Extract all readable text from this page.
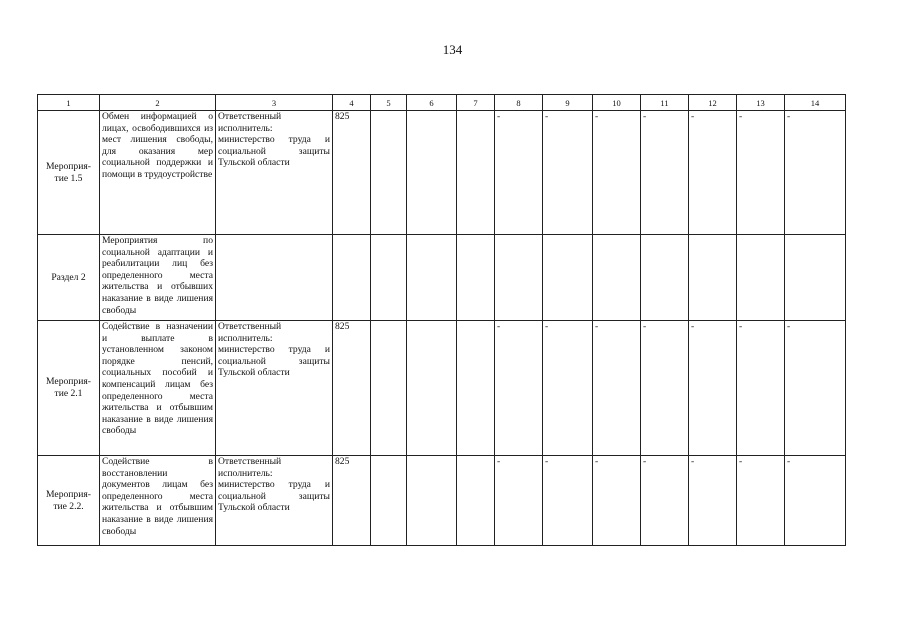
134
1	2	3	4	5	6	7	8	9	10	11	12	13	14
Мероприя-тие 1.5	Обмен информацией о лицах, освободившихся из мест лишения свободы, для оказания мер социальной поддержки и помощи в трудоустройстве	Ответственный исполнитель: министерство труда и социальной защиты Тульской области	825				-	-	-	-	-	-	-
Раздел 2	Мероприятия по социальной адаптации и реабилитации лиц без определенного места жительства и отбывших наказание в виде лишения свободы												
Мероприя-тие 2.1	Содействие в назначении и выплате в установленном законом порядке пенсий, социальных пособий и компенсаций лицам без определенного места жительства и отбывшим наказание в виде лишения свободы	Ответственный исполнитель: министерство труда и социальной защиты Тульской области	825				-	-	-	-	-	-	-
Мероприя-тие 2.2.	Содействие в восстановлении документов лицам без определенного места жительства и отбывшим наказание в виде лишения свободы	Ответственный исполнитель: министерство труда и социальной защиты Тульской области	825				-	-	-	-	-	-	-
